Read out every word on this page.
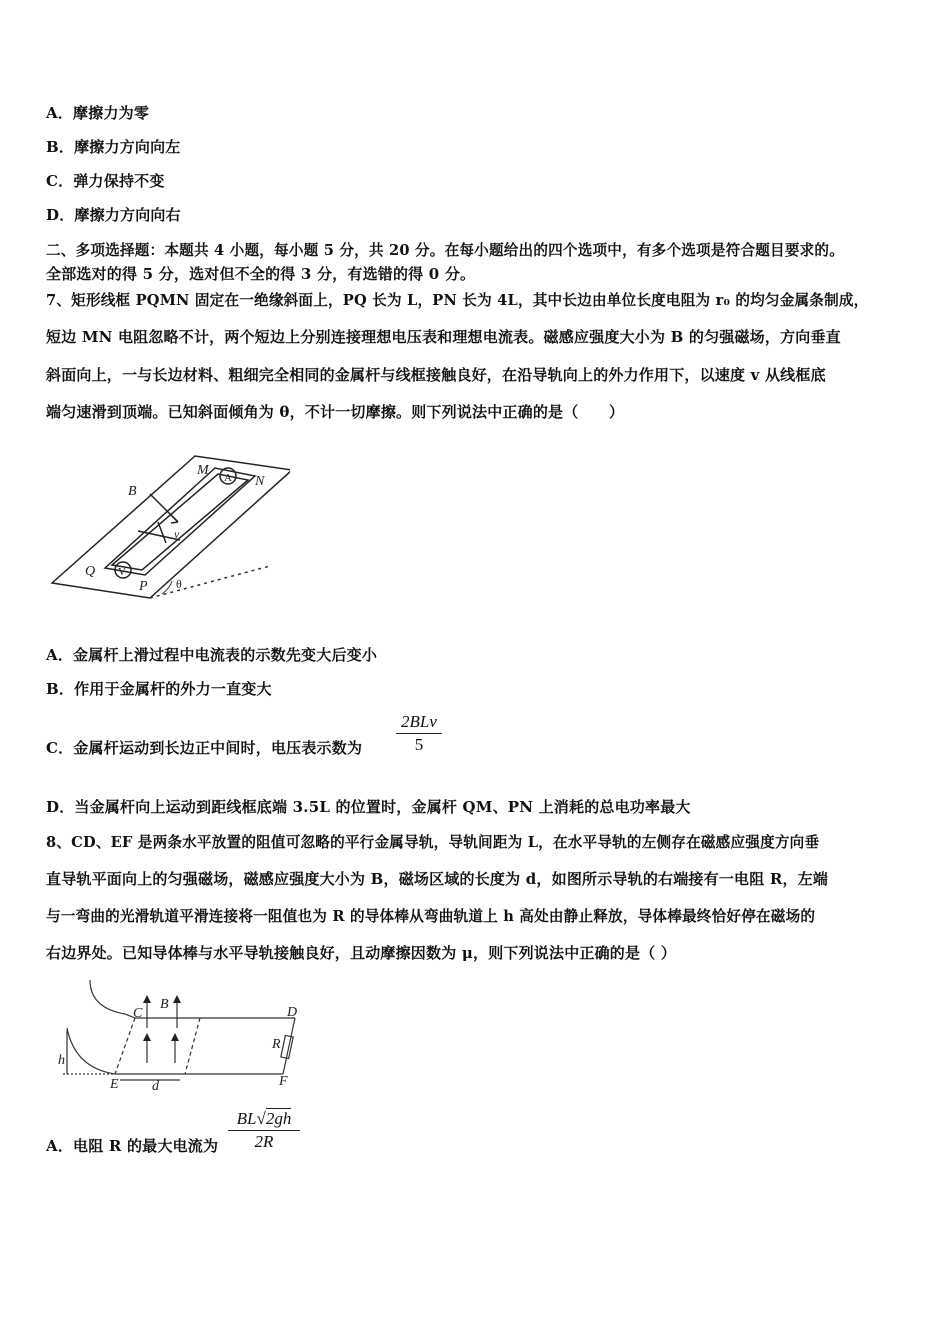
A．摩擦力为零
B．摩擦力方向向左
C．弹力保持不变
D．摩擦力方向向右
二、多项选择题：本题共 4 小题，每小题 5 分，共 20 分。在每小题给出的四个选项中，有多个选项是符合题目要求的。
全部选对的得 5 分，选对但不全的得 3 分，有选错的得 0 分。
7、矩形线框 PQMN 固定在一绝缘斜面上，PQ 长为 L，PN 长为 4L，其中长边由单位长度电阻为 r₀ 的均匀金属条制成，
短边 MN 电阻忽略不计，两个短边上分别连接理想电压表和理想电流表。磁感应强度大小为 B 的匀强磁场，方向垂直
斜面向上，一与长边材料、粗细完全相同的金属杆与线框接触良好，在沿导轨向上的外力作用下，以速度 v 从线框底
端匀速滑到顶端。已知斜面倾角为 θ，不计一切摩擦。则下列说法中正确的是（　　）
B
M A N
v
Q V
P θ
A．金属杆上滑过程中电流表的示数先变大后变小
B．作用于金属杆的外力一直变大
C．金属杆运动到长边正中间时，电压表示数为
2BLv
5
D．当金属杆向上运动到距线框底端 3.5L 的位置时，金属杆 QM、PN 上消耗的总电功率最大
8、CD、EF 是两条水平放置的阻值可忽略的平行金属导轨，导轨间距为 L，在水平导轨的左侧存在磁感应强度方向垂
直导轨平面向上的匀强磁场，磁感应强度大小为 B，磁场区域的长度为 d，如图所示导轨的右端接有一电阻 R，左端
与一弯曲的光滑轨道平滑连接将一阻值也为 R 的导体棒从弯曲轨道上 h 高处由静止释放，导体棒最终恰好停在磁场的
右边界处。已知导体棒与水平导轨接触良好，且动摩擦因数为 μ，则下列说法中正确的是（ ）
C
B
D
R
h
E d	F
A．电阻 R 的最大电流为
BL√2gh
2R
